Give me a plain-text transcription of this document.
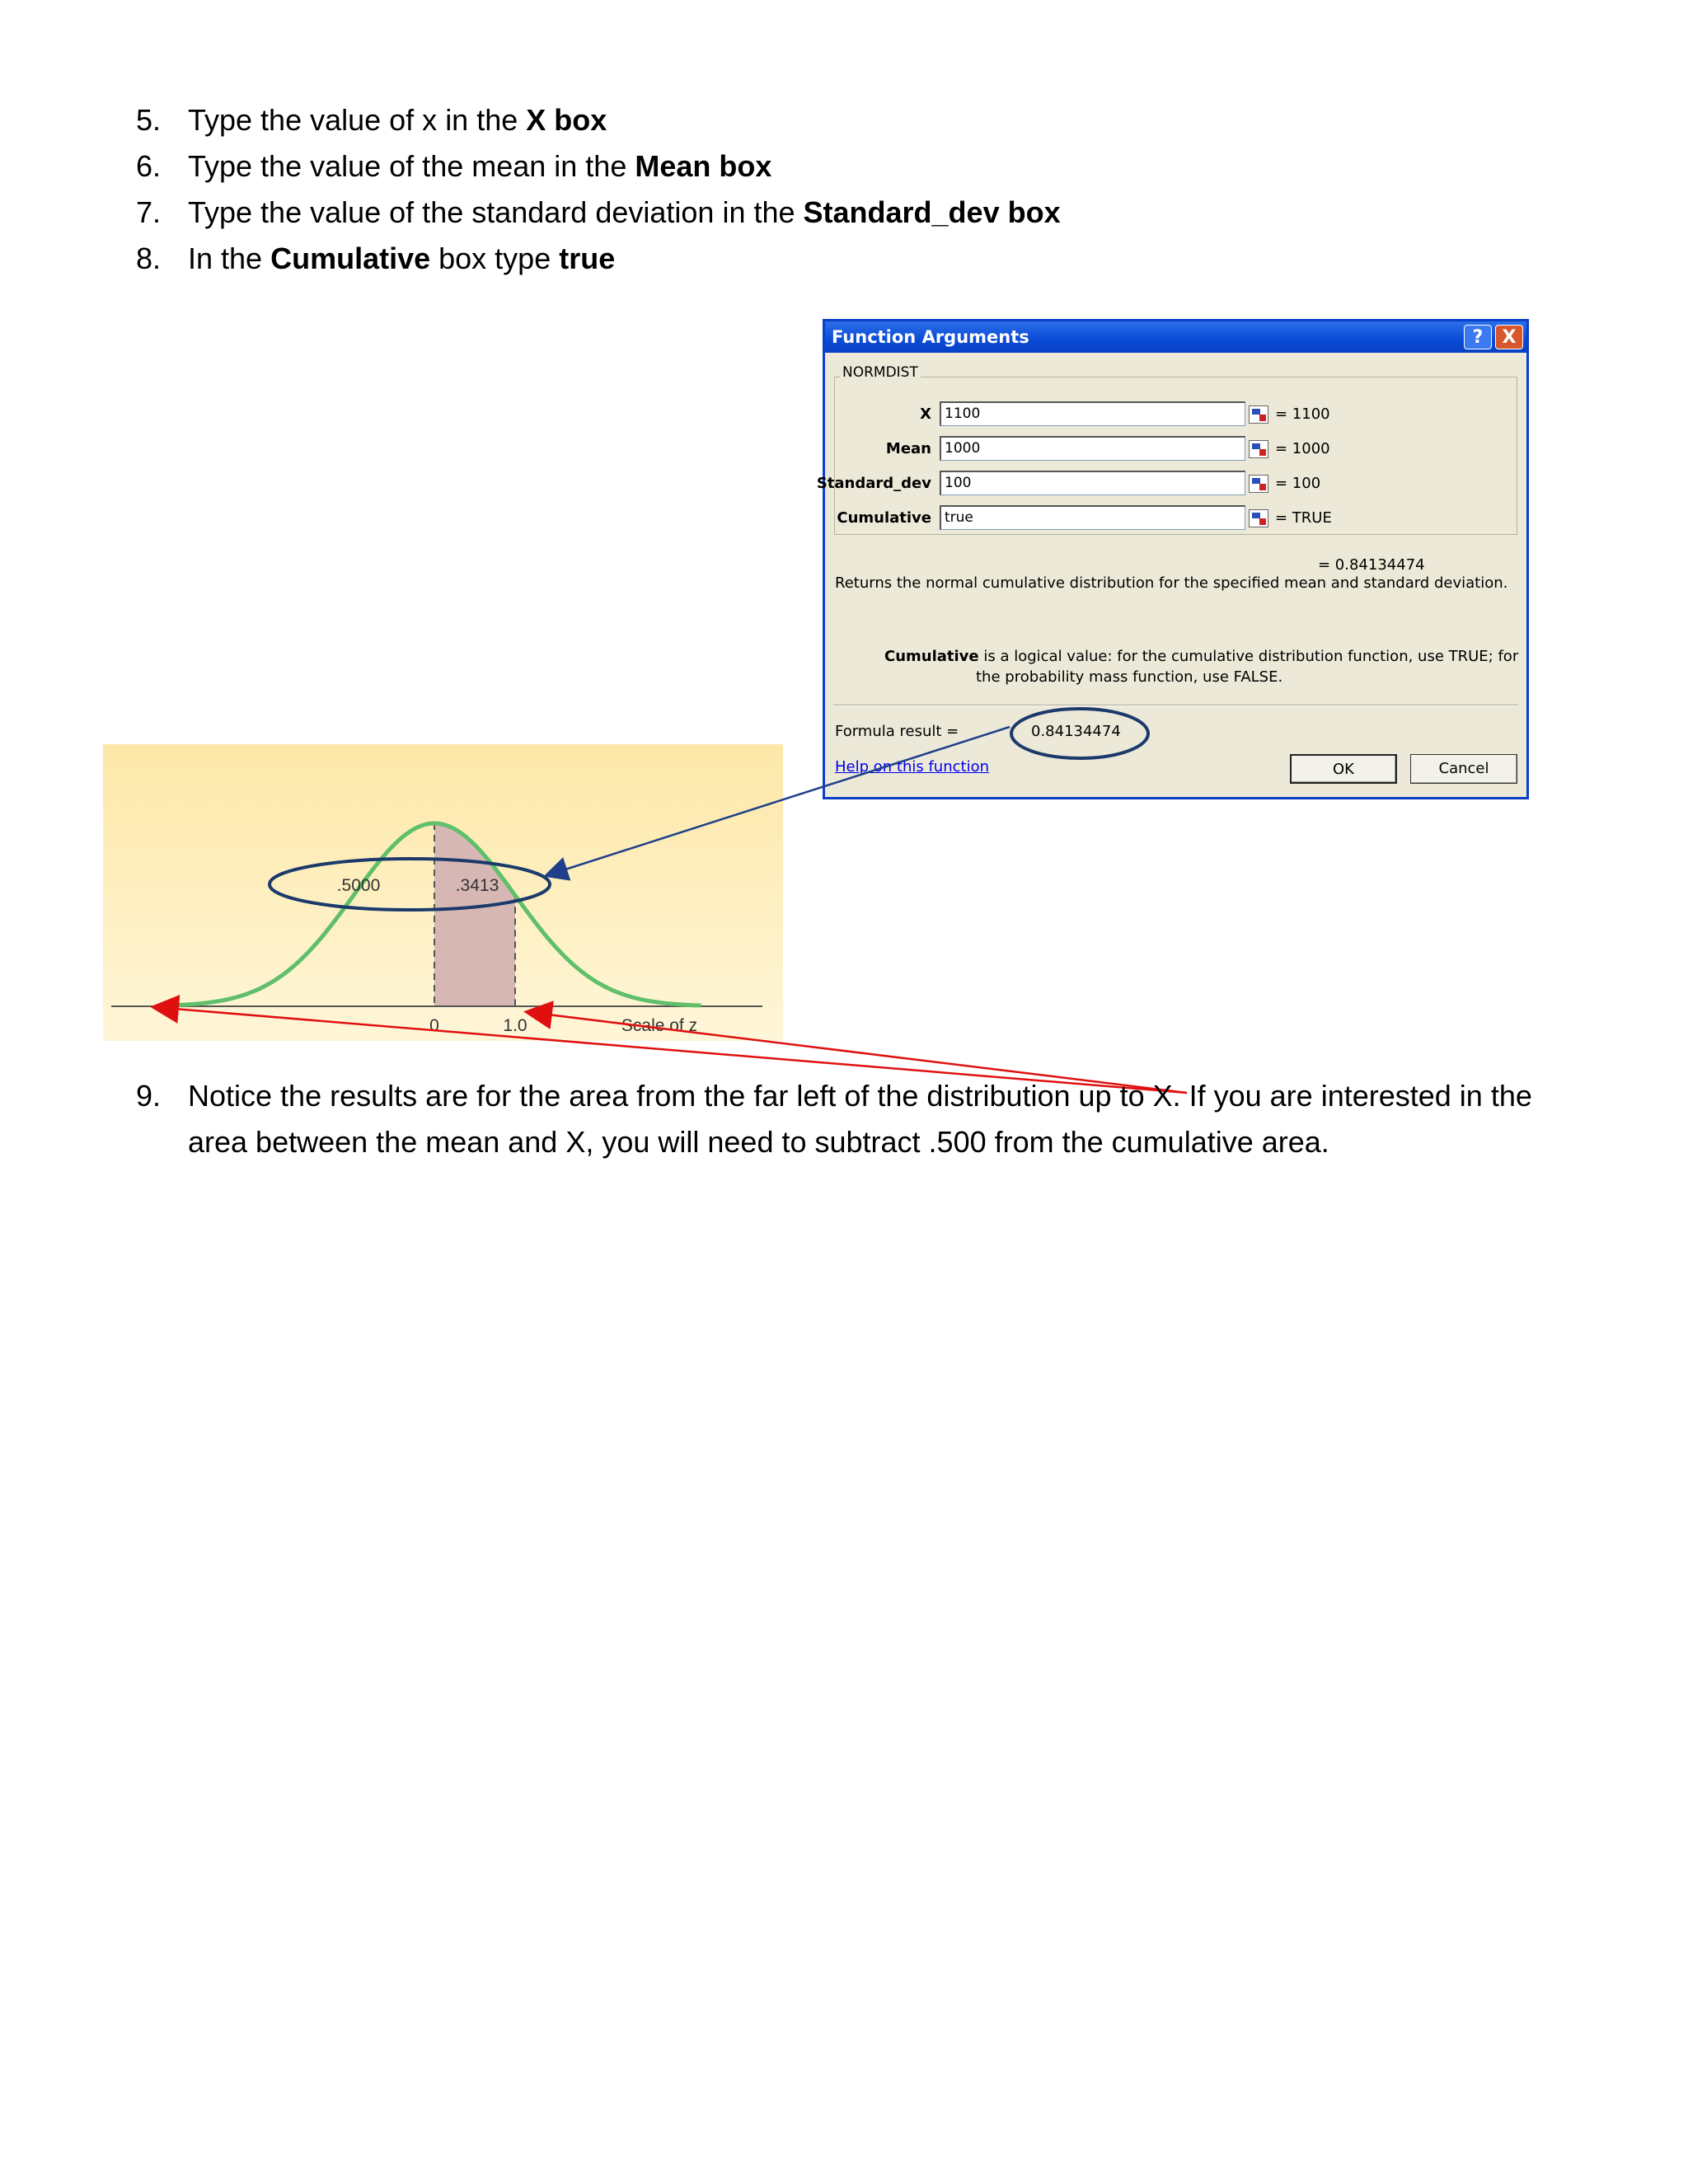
5. Type the value of x in the X box
6. Type the value of the mean in the Mean box
7. Type the value of the standard deviation in the Standard_dev box
8. In the Cumulative box type true
Function Arguments	?	X
NORMDIST
X 1100	= 1100
Mean 1000	= 1000
Standard_dev 100	= 100
Cumulative true	= TRUE
= 0.84134474
Returns the normal cumulative distribution for the specified mean and standard deviation.
Cumulative is a logical value: for the cumulative distribution function, use TRUE; for
the probability mass function, use FALSE.
Formula result =	0.84134474
Help on this function	OK	Cancel
.5000	.3413
0	1.0	Scale of z
9. Notice the results are for the area from the far left of the distribution up to X. If you are interested in the area between the mean and X, you will need to subtract .500 from the cumulative area.
